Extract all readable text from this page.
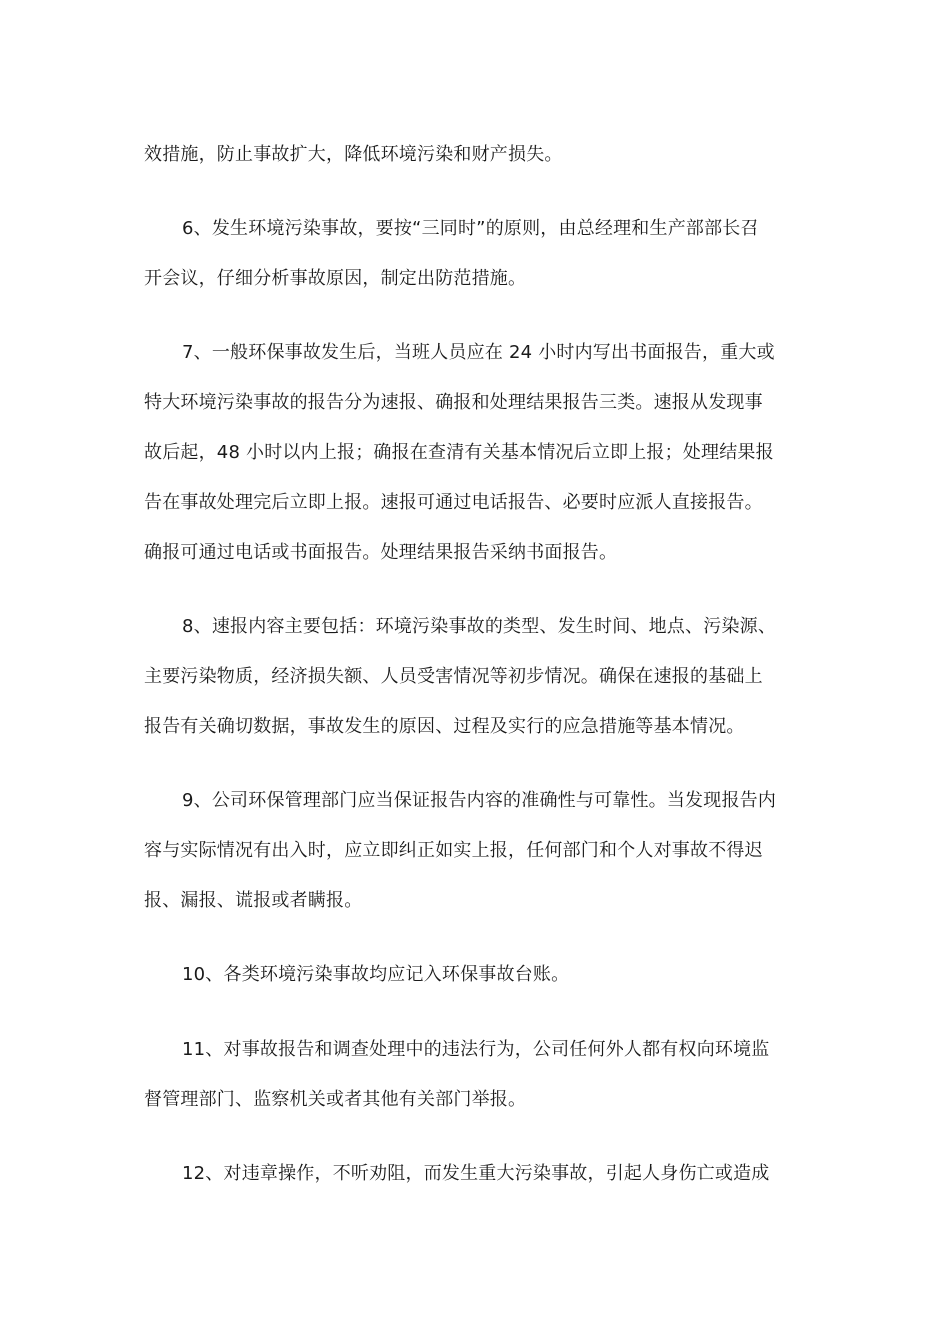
效措施，防止事故扩大，降低环境污染和财产损失。
6、发生环境污染事故，要按“三同时”的原则，由总经理和生产部部长召
开会议，仔细分析事故原因，制定出防范措施。
7、一般环保事故发生后，当班人员应在 24 小时内写出书面报告，重大或
特大环境污染事故的报告分为速报、确报和处理结果报告三类。速报从发现事
故后起，48 小时以内上报；确报在查清有关基本情况后立即上报；处理结果报
告在事故处理完后立即上报。速报可通过电话报告、必要时应派人直接报告。
确报可通过电话或书面报告。处理结果报告采纳书面报告。
8、速报内容主要包括：环境污染事故的类型、发生时间、地点、污染源、
主要污染物质，经济损失额、人员受害情况等初步情况。确保在速报的基础上
报告有关确切数据，事故发生的原因、过程及实行的应急措施等基本情况。
9、公司环保管理部门应当保证报告内容的准确性与可靠性。当发现报告内
容与实际情况有出入时，应立即纠正如实上报，任何部门和个人对事故不得迟
报、漏报、谎报或者瞒报。
10、各类环境污染事故均应记入环保事故台账。
11、对事故报告和调查处理中的违法行为，公司任何外人都有权向环境监
督管理部门、监察机关或者其他有关部门举报。
12、对违章操作，不听劝阻，而发生重大污染事故，引起人身伤亡或造成
